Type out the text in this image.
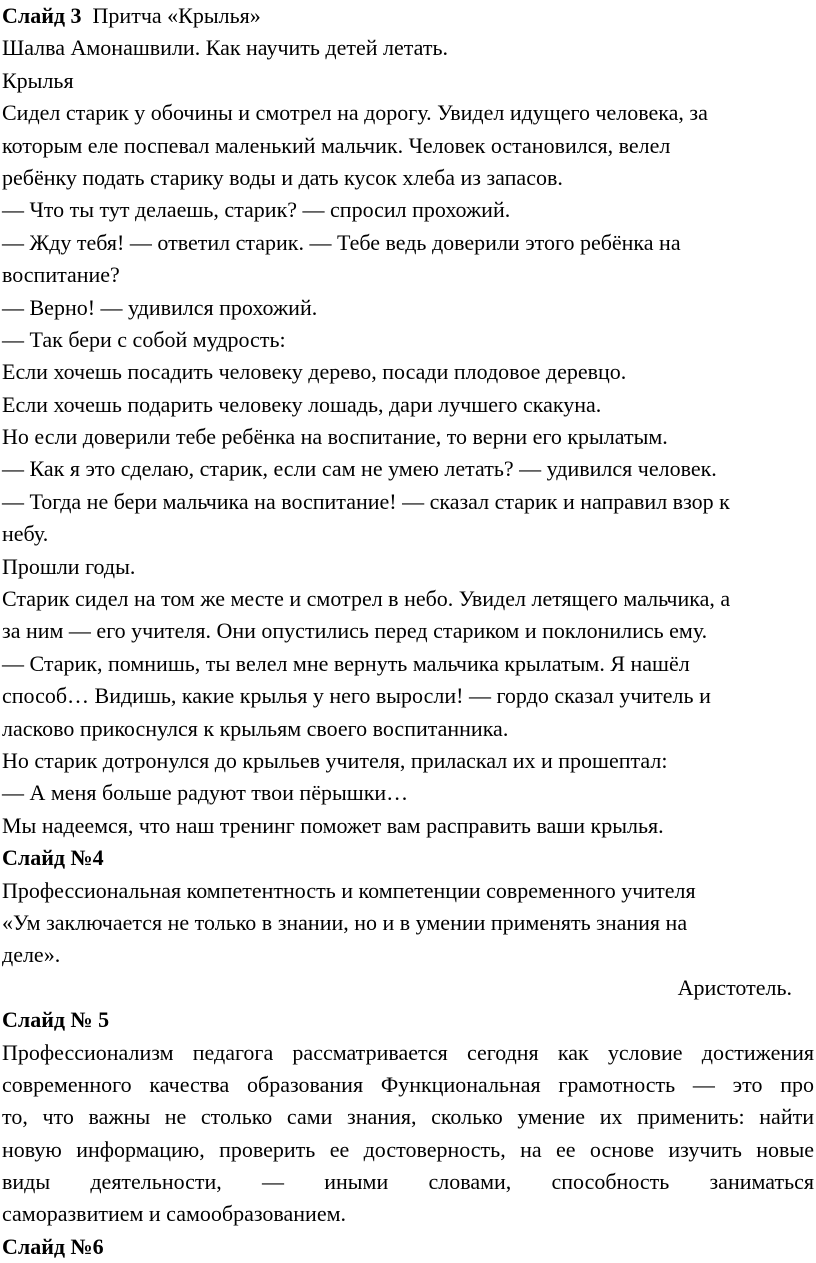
Слайд 3 Притча «Крылья»
Шалва Амонашвили. Как научить детей летать.
Крылья
Сидел старик у обочины и смотрел на дорогу. Увидел идущего человека, за
которым еле поспевал маленький мальчик. Человек остановился, велел
ребёнку подать старику воды и дать кусок хлеба из запасов.
— Что ты тут делаешь, старик? — спросил прохожий.
— Жду тебя! — ответил старик. — Тебе ведь доверили этого ребёнка на
воспитание?
— Верно! — удивился прохожий.
— Так бери с собой мудрость:
Если хочешь посадить человеку дерево, посади плодовое деревцо.
Если хочешь подарить человеку лошадь, дари лучшего скакуна.
Но если доверили тебе ребёнка на воспитание, то верни его крылатым.
— Как я это сделаю, старик, если сам не умею летать? — удивился человек.
— Тогда не бери мальчика на воспитание! — сказал старик и направил взор к
небу.
Прошли годы.
Старик сидел на том же месте и смотрел в небо. Увидел летящего мальчика, а
за ним — его учителя. Они опустились перед стариком и поклонились ему.
— Старик, помнишь, ты велел мне вернуть мальчика крылатым. Я нашёл
способ… Видишь, какие крылья у него выросли! — гордо сказал учитель и
ласково прикоснулся к крыльям своего воспитанника.
Но старик дотронулся до крыльев учителя, приласкал их и прошептал:
— А меня больше радуют твои пёрышки…
Мы надеемся, что наш тренинг поможет вам расправить ваши крылья.
Слайд №4
Профессиональная компетентность и компетенции современного учителя
«Ум заключается не только в знании, но и в умении применять знания на
деле».
Аристотель.
Слайд № 5
Профессионализм педагога рассматривается сегодня как условие достижения
современного качества образования Функциональная грамотность — это про
то, что важны не столько сами знания, сколько умение их применить: найти
новую информацию, проверить ее достоверность, на ее основе изучить новые
виды деятельности, — иными словами, способность заниматься
саморазвитием и самообразованием.
Слайд №6
